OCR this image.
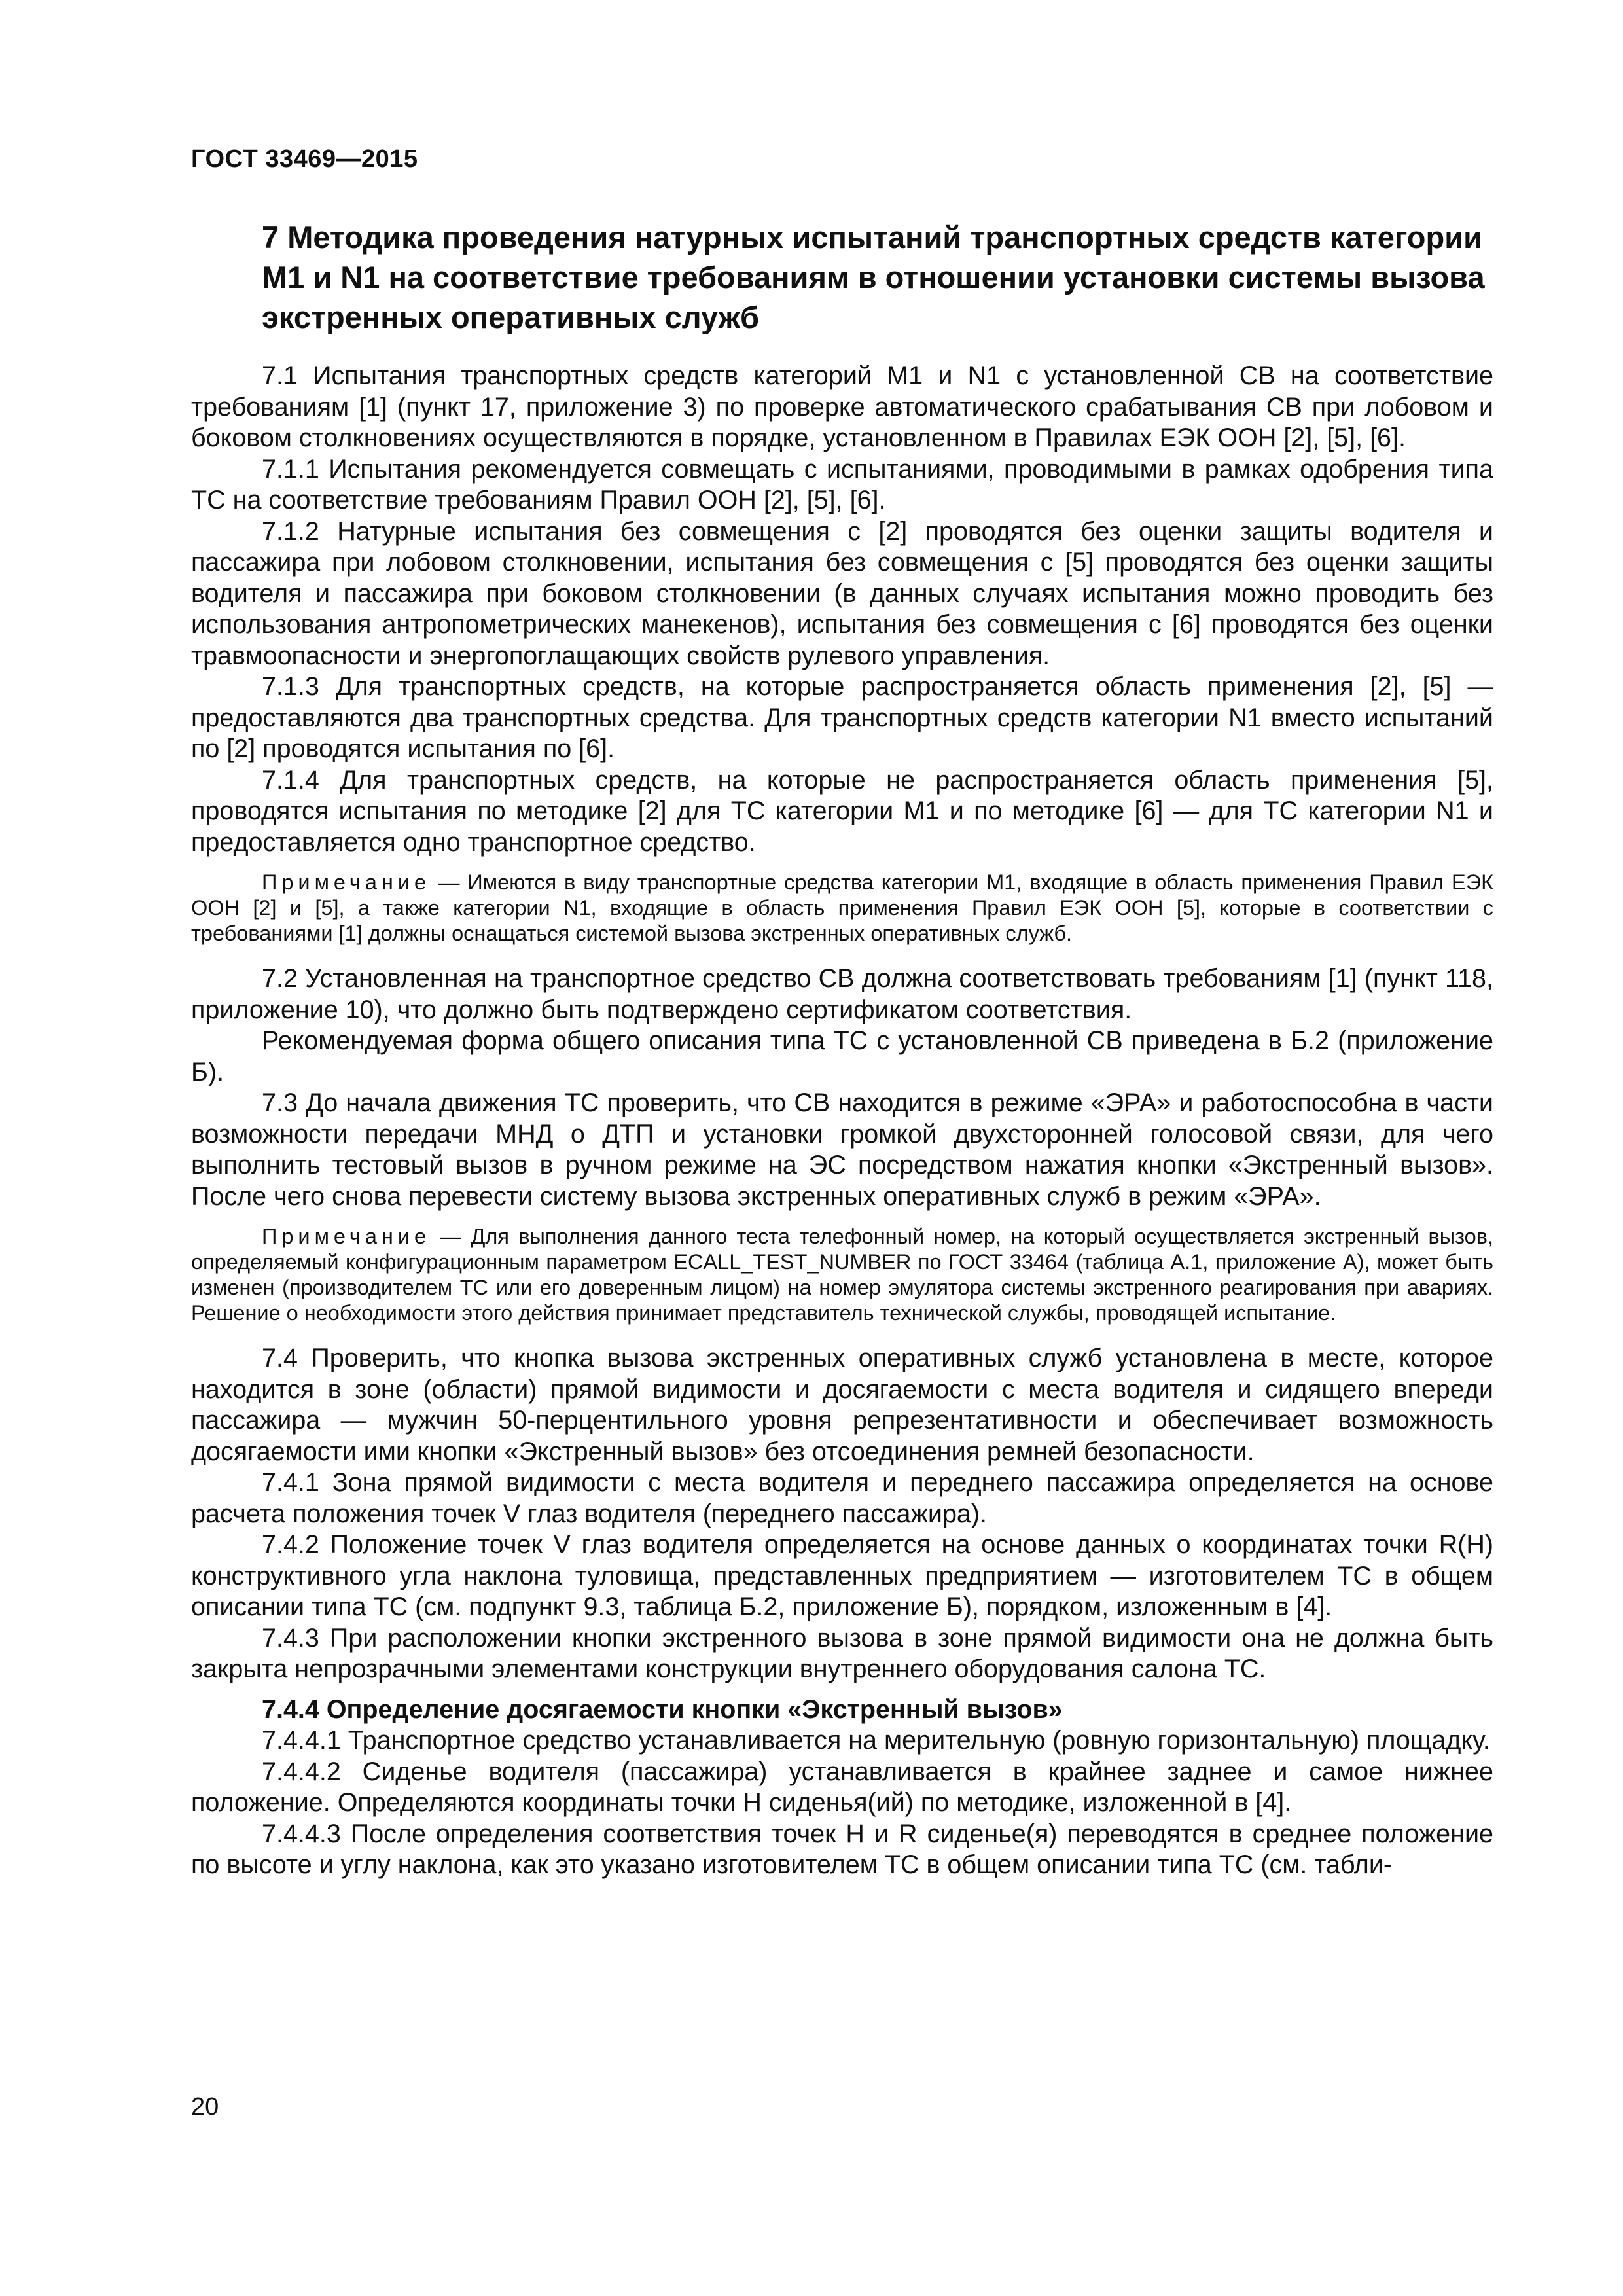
ГОСТ 33469—2015
7 Методика проведения натурных испытаний транспортных средств категории М1 и N1 на соответствие требованиям в отношении установки системы вызова экстренных оперативных служб

7.1 Испытания транспортных средств категорий М1 и N1 с установленной СВ на соответствие требованиям [1] (пункт 17, приложение 3) по проверке автоматического срабатывания СВ при лобовом и боковом столкновениях осуществляются в порядке, установленном в Правилах ЕЭК ООН [2], [5], [6].

7.1.1 Испытания рекомендуется совмещать с испытаниями, проводимыми в рамках одобрения типа ТС на соответствие требованиям Правил ООН [2], [5], [6].

7.1.2 Натурные испытания без совмещения с [2] проводятся без оценки защиты водителя и пассажира при лобовом столкновении, испытания без совмещения с [5] проводятся без оценки защиты водителя и пассажира при боковом столкновении (в данных случаях испытания можно проводить без использования антропометрических манекенов), испытания без совмещения с [6] проводятся без оценки травмоопасности и энергопоглащающих свойств рулевого управления.

7.1.3 Для транспортных средств, на которые распространяется область применения [2], [5] — предоставляются два транспортных средства. Для транспортных средств категории N1 вместо испытаний по [2] проводятся испытания по [6].

7.1.4 Для транспортных средств, на которые не распространяется область применения [5], проводятся испытания по методике [2] для ТС категории М1 и по методике [6] — для ТС категории N1 и предоставляется одно транспортное средство.

Примечание — Имеются в виду транспортные средства категории М1, входящие в область применения Правил ЕЭК ООН [2] и [5], а также категории N1, входящие в область применения Правил ЕЭК ООН [5], которые в соответствии с требованиями [1] должны оснащаться системой вызова экстренных оперативных служб.

7.2 Установленная на транспортное средство СВ должна соответствовать требованиям [1] (пункт 118, приложение 10), что должно быть подтверждено сертификатом соответствия.

Рекомендуемая форма общего описания типа ТС с установленной СВ приведена в Б.2 (приложение Б).

7.3 До начала движения ТС проверить, что СВ находится в режиме «ЭРА» и работоспособна в части возможности передачи МНД о ДТП и установки громкой двухсторонней голосовой связи, для чего выполнить тестовый вызов в ручном режиме на ЭС посредством нажатия кнопки «Экстренный вызов». После чего снова перевести систему вызова экстренных оперативных служб в режим «ЭРА».

Примечание — Для выполнения данного теста телефонный номер, на который осуществляется экстренный вызов, определяемый конфигурационным параметром ECALL_TEST_NUMBER по ГОСТ 33464 (таблица А.1, приложение А), может быть изменен (производителем ТС или его доверенным лицом) на номер эмулятора системы экстренного реагирования при авариях. Решение о необходимости этого действия принимает представитель технической службы, проводящей испытание.

7.4 Проверить, что кнопка вызова экстренных оперативных служб установлена в месте, которое находится в зоне (области) прямой видимости и досягаемости с места водителя и сидящего впереди пассажира — мужчин 50-перцентильного уровня репрезентативности и обеспечивает возможность досягаемости ими кнопки «Экстренный вызов» без отсоединения ремней безопасности.

7.4.1 Зона прямой видимости с места водителя и переднего пассажира определяется на основе расчета положения точек V глаз водителя (переднего пассажира).

7.4.2 Положение точек V глаз водителя определяется на основе данных о координатах точки R(H) конструктивного угла наклона туловища, представленных предприятием — изготовителем ТС в общем описании типа ТС (см. подпункт 9.3, таблица Б.2, приложение Б), порядком, изложенным в [4].

7.4.3 При расположении кнопки экстренного вызова в зоне прямой видимости она не должна быть закрыта непрозрачными элементами конструкции внутреннего оборудования салона ТС.

7.4.4 Определение досягаемости кнопки «Экстренный вызов»

7.4.4.1 Транспортное средство устанавливается на мерительную (ровную горизонтальную) площадку.

7.4.4.2 Сиденье водителя (пассажира) устанавливается в крайнее заднее и самое нижнее положение. Определяются координаты точки Н сиденья(ий) по методике, изложенной в [4].

7.4.4.3 После определения соответствия точек Н и R сиденье(я) переводятся в среднее положение по высоте и углу наклона, как это указано изготовителем ТС в общем описании типа ТС (см. табли-

20
